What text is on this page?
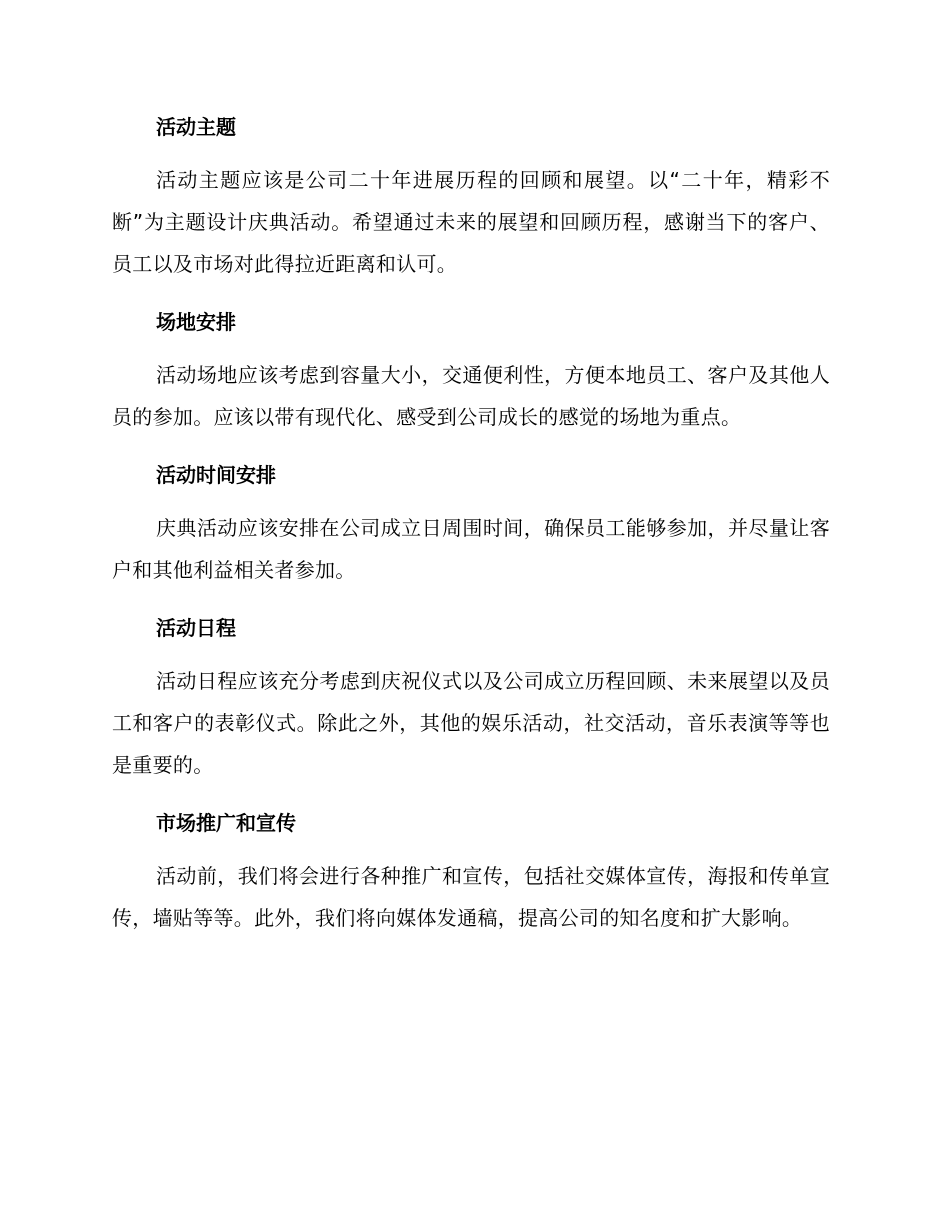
活动主题

活动主题应该是公司二十年进展历程的回顾和展望。以“二十年，精彩不断”为主题设计庆典活动。希望通过未来的展望和回顾历程，感谢当下的客户、员工以及市场对此得拉近距离和认可。

场地安排

活动场地应该考虑到容量大小，交通便利性，方便本地员工、客户及其他人员的参加。应该以带有现代化、感受到公司成长的感觉的场地为重点。

活动时间安排

庆典活动应该安排在公司成立日周围时间，确保员工能够参加，并尽量让客户和其他利益相关者参加。

活动日程

活动日程应该充分考虑到庆祝仪式以及公司成立历程回顾、未来展望以及员工和客户的表彰仪式。除此之外，其他的娱乐活动，社交活动，音乐表演等等也是重要的。

市场推广和宣传

活动前，我们将会进行各种推广和宣传，包括社交媒体宣传，海报和传单宣传，墙贴等等。此外，我们将向媒体发通稿，提高公司的知名度和扩大影响。
